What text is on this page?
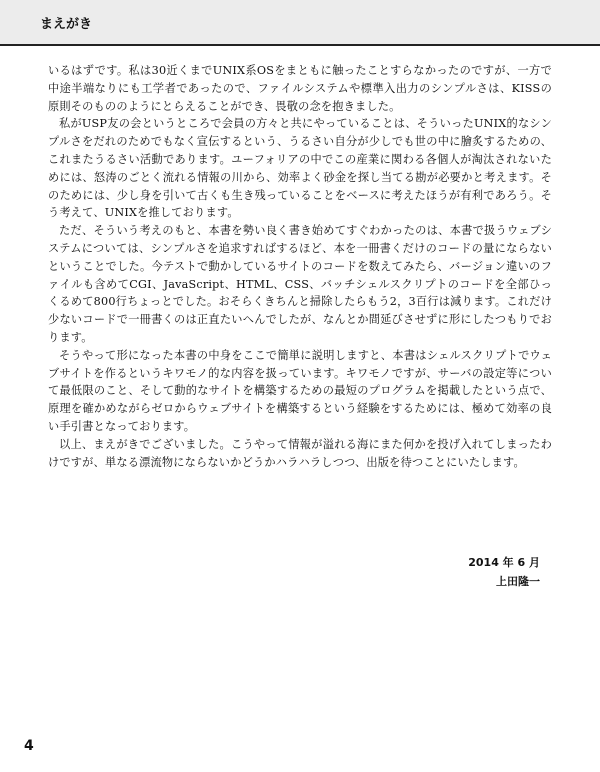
まえがき

いるはずです。私は30近くまでUNIX系OSをまともに触ったことすらなかったのですが、一方で中途半端なりにも工学者であったので、ファイルシステムや標準入出力のシンプルさは、KISSの原則そのもののようにとらえることができ、畏敬の念を抱きました。

私がUSP友の会というところで会員の方々と共にやっていることは、そういったUNIX的なシンプルさをだれのためでもなく宣伝するという、うるさい自分が少しでも世の中に膾炙するための、これまたうるさい活動であります。ユーフォリアの中でこの産業に関わる各個人が淘汰されないためには、怒涛のごとく流れる情報の川から、効率よく砂金を探し当てる勘が必要かと考えます。そのためには、少し身を引いて古くも生き残っていることをベースに考えたほうが有利であろう。そう考えて、UNIXを推しております。

ただ、そういう考えのもと、本書を勢い良く書き始めてすぐわかったのは、本書で扱うウェブシステムについては、シンプルさを追求すればするほど、本を一冊書くだけのコードの量にならないということでした。今テストで動かしているサイトのコードを数えてみたら、バージョン違いのファイルも含めてCGI、JavaScript、HTML、CSS、バッチシェルスクリプトのコードを全部ひっくるめて800行ちょっとでした。おそらくきちんと掃除したらもう2，3百行は減ります。これだけ少ないコードで一冊書くのは正直たいへんでしたが、なんとか間延びさせずに形にしたつもりでおります。

そうやって形になった本書の中身をここで簡単に説明しますと、本書はシェルスクリプトでウェブサイトを作るというキワモノ的な内容を扱っています。キワモノですが、サーバの設定等について最低限のこと、そして動的なサイトを構築するための最短のプログラムを掲載したという点で、原理を確かめながらゼロからウェブサイトを構築するという経験をするためには、極めて効率の良い手引書となっております。

以上、まえがきでございました。こうやって情報が溢れる海にまた何かを投げ入れてしまったわけですが、単なる漂流物にならないかどうかハラハラしつつ、出版を待つことにいたします。

2014 年 6 月
上田隆一
4
